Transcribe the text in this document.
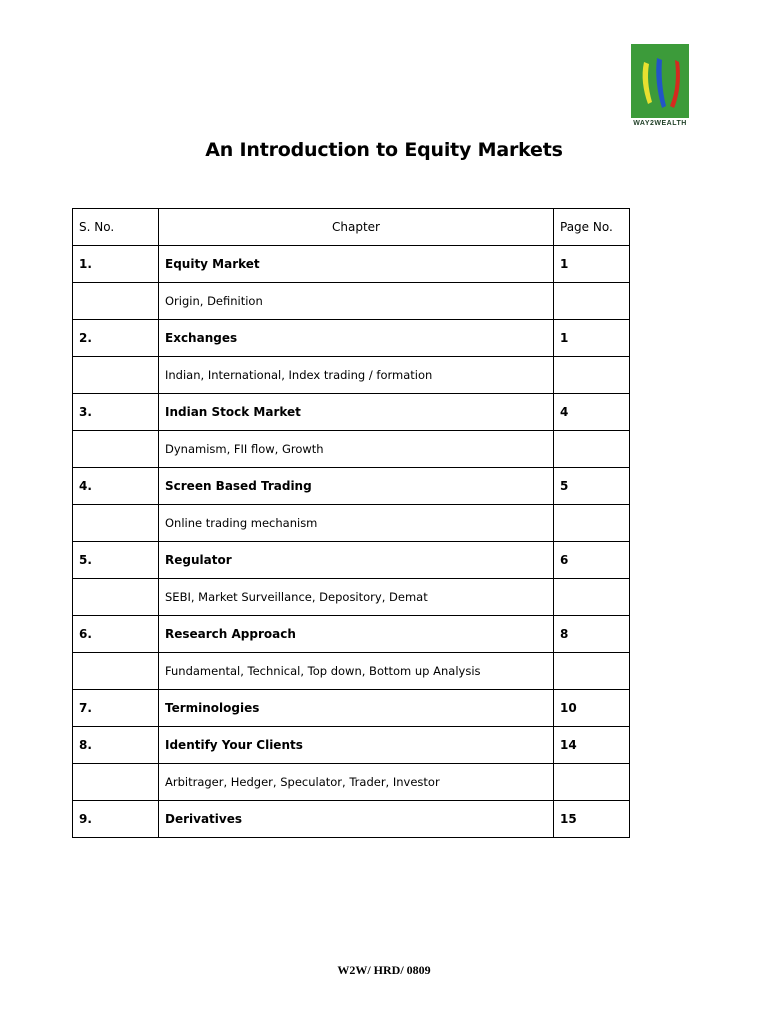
WAY2WEALTH
An Introduction to Equity Markets
S. No.	Chapter	Page No.
1.	Equity Market	1
	Origin, Definition	
2.	Exchanges	1
	Indian, International, Index trading / formation	
3.	Indian Stock Market	4
	Dynamism, FII flow, Growth	
4.	Screen Based Trading	5
	Online trading mechanism	
5.	Regulator	6
	SEBI, Market Surveillance, Depository, Demat	
6.	Research Approach	8
	Fundamental, Technical, Top down, Bottom up Analysis	
7.	Terminologies	10
8.	Identify Your Clients	14
	Arbitrager, Hedger, Speculator, Trader, Investor	
9.	Derivatives	15
W2W/ HRD/ 0809
